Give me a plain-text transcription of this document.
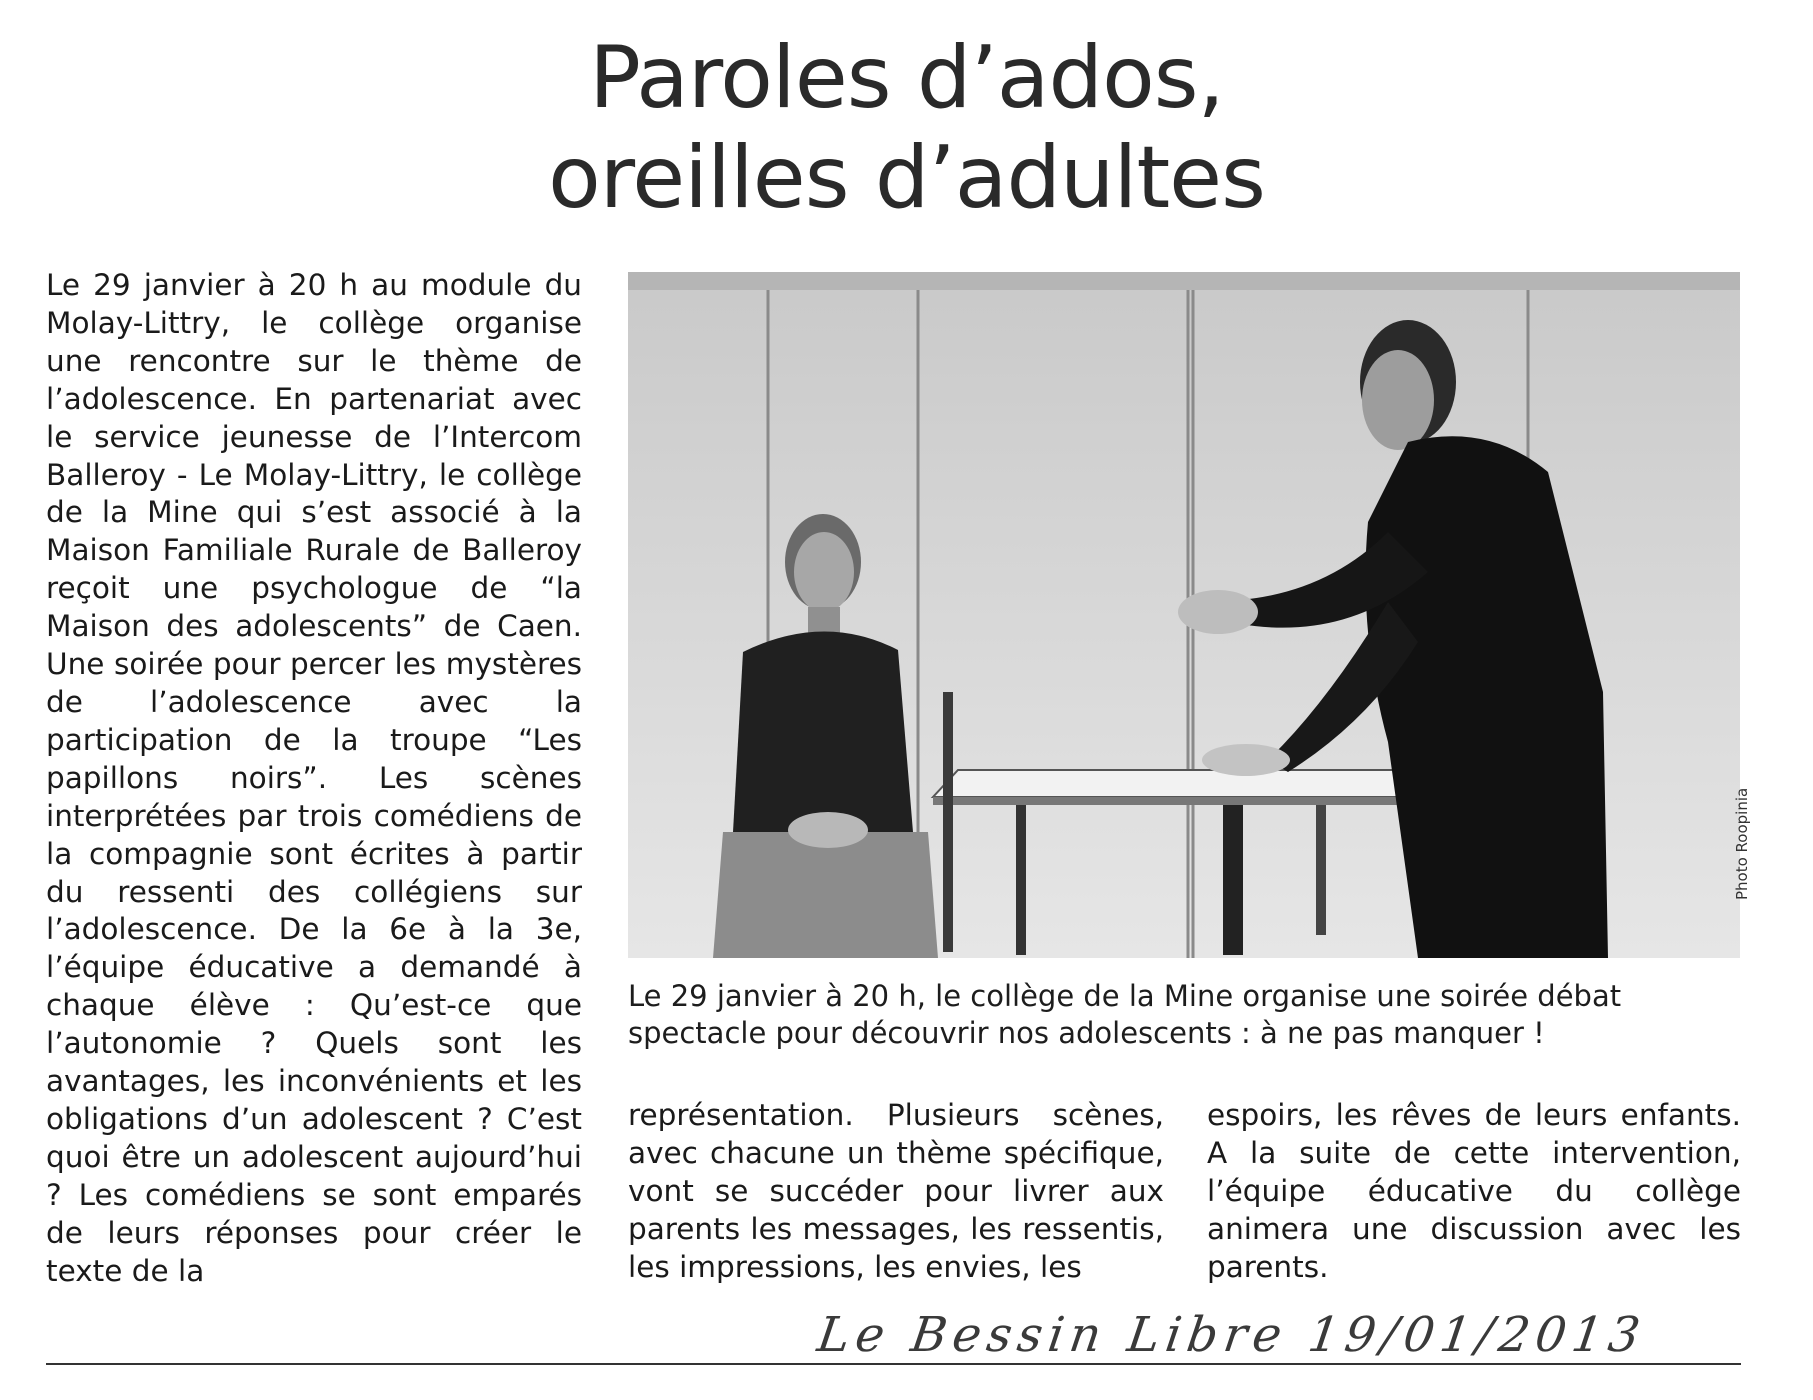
Paroles d’ados,
oreilles d’adultes

Le 29 janvier à 20 h au module du Molay-Littry, le collège organise une rencontre sur le thème de l’adolescence. En partenariat avec le service jeunesse de l’Intercom Balleroy - Le Molay-Littry, le collège de la Mine qui s’est associé à la Maison Familiale Rurale de Balleroy reçoit une psychologue de “la Maison des adolescents” de Caen. Une soirée pour percer les mystères de l’adolescence avec la participation de la troupe “Les papillons noirs”. Les scènes interprétées par trois comédiens de la compagnie sont écrites à partir du ressenti des collégiens sur l’adolescence. De la 6e à la 3e, l’équipe éducative a demandé à chaque élève : Qu’est-ce que l’autonomie ? Quels sont les avantages, les inconvénients et les obligations d’un adolescent ? C’est quoi être un adolescent aujourd’hui ? Les comédiens se sont emparés de leurs réponses pour créer le texte de la

Photo Roopinia

Le 29 janvier à 20 h, le collège de la Mine organise une soirée débat
spectacle pour découvrir nos adolescents : à ne pas manquer !

représentation. Plusieurs scènes, avec chacune un thème spécifique, vont se succéder pour livrer aux parents les messages, les ressentis, les impressions, les envies, les

espoirs, les rêves de leurs enfants. A la suite de cette intervention, l’équipe éducative du collège animera une discussion avec les parents.

Le Bessin Libre 19/01/2013
